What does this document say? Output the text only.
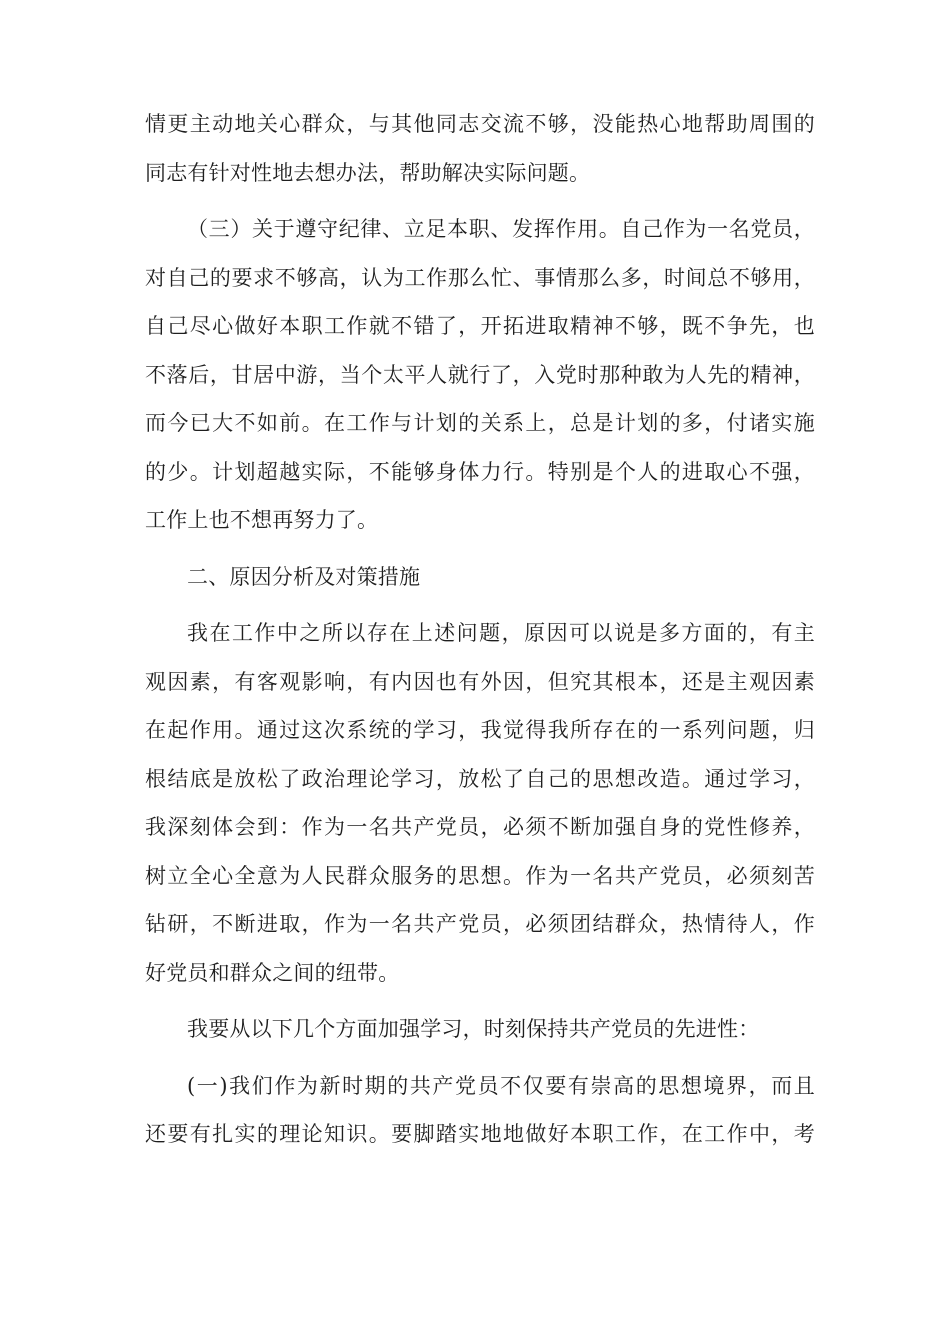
情更主动地关心群众，与其他同志交流不够，没能热心地帮助周围的
同志有针对性地去想办法，帮助解决实际问题。
（三）关于遵守纪律、立足本职、发挥作用。自己作为一名党员，
对自己的要求不够高，认为工作那么忙、事情那么多，时间总不够用，
自己尽心做好本职工作就不错了，开拓进取精神不够，既不争先，也
不落后，甘居中游，当个太平人就行了，入党时那种敢为人先的精神，
而今已大不如前。在工作与计划的关系上，总是计划的多，付诸实施
的少。计划超越实际，不能够身体力行。特别是个人的进取心不强，
工作上也不想再努力了。
二、原因分析及对策措施
我在工作中之所以存在上述问题，原因可以说是多方面的，有主
观因素，有客观影响，有内因也有外因，但究其根本，还是主观因素
在起作用。通过这次系统的学习，我觉得我所存在的一系列问题，归
根结底是放松了政治理论学习，放松了自己的思想改造。通过学习，
我深刻体会到：作为一名共产党员，必须不断加强自身的党性修养，
树立全心全意为人民群众服务的思想。作为一名共产党员，必须刻苦
钻研，不断进取，作为一名共产党员，必须团结群众，热情待人，作
好党员和群众之间的纽带。
我要从以下几个方面加强学习，时刻保持共产党员的先进性：
(一)我们作为新时期的共产党员不仅要有崇高的思想境界，而且
还要有扎实的理论知识。要脚踏实地地做好本职工作，在工作中，考
